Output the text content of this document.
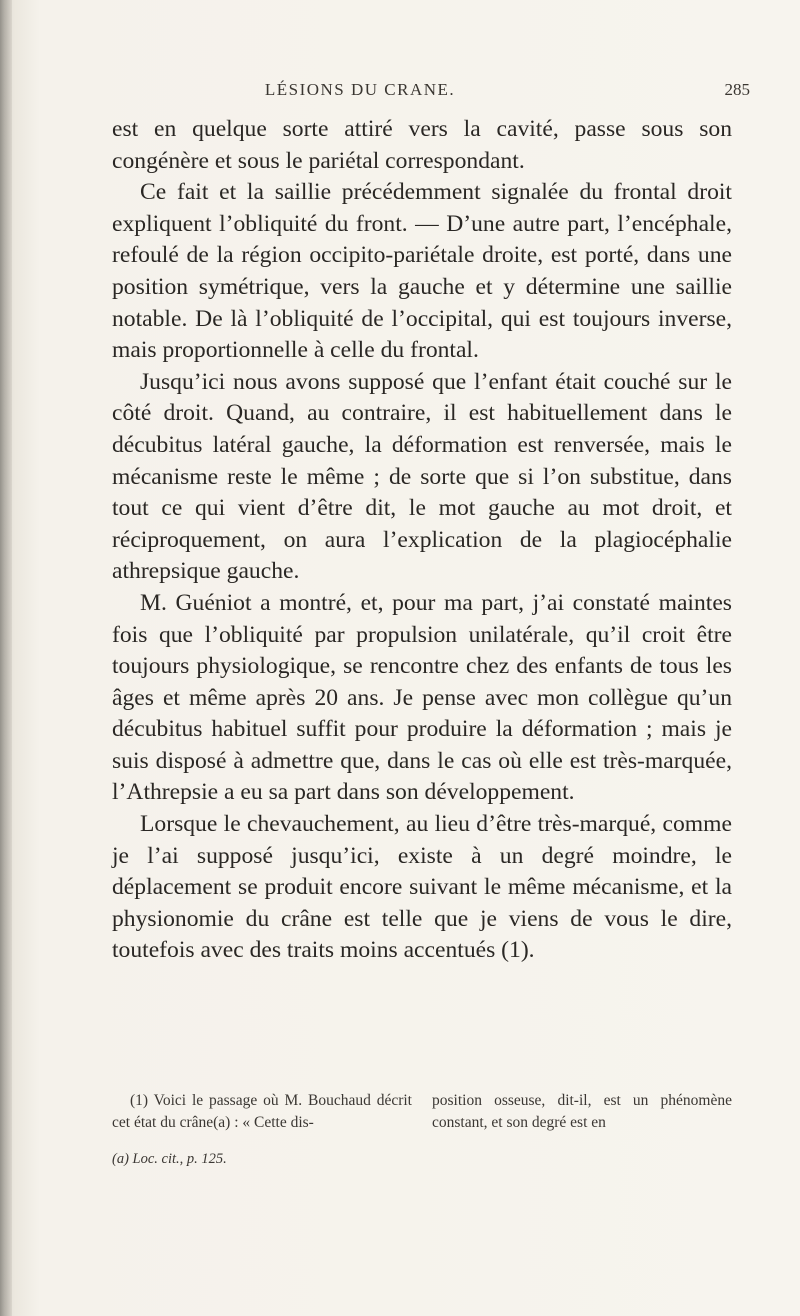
LÉSIONS DU CRANE.	285

est en quelque sorte attiré vers la cavité, passe sous son congénère et sous le pariétal correspondant.

Ce fait et la saillie précédemment signalée du frontal droit expliquent l’obliquité du front. — D’une autre part, l’encéphale, refoulé de la région occipito-pariétale droite, est porté, dans une position symétrique, vers la gauche et y détermine une saillie notable. De là l’obliquité de l’occipital, qui est toujours inverse, mais proportionnelle à celle du frontal.

Jusqu’ici nous avons supposé que l’enfant était couché sur le côté droit. Quand, au contraire, il est habituellement dans le décubitus latéral gauche, la déformation est renversée, mais le mécanisme reste le même ; de sorte que si l’on substitue, dans tout ce qui vient d’être dit, le mot gauche au mot droit, et réciproquement, on aura l’explication de la plagiocéphalie athrepsique gauche.

M. Guéniot a montré, et, pour ma part, j’ai constaté maintes fois que l’obliquité par propulsion unilatérale, qu’il croit être toujours physiologique, se rencontre chez des enfants de tous les âges et même après 20 ans. Je pense avec mon collègue qu’un décubitus habituel suffit pour produire la déformation ; mais je suis disposé à admettre que, dans le cas où elle est très-marquée, l’Athrepsie a eu sa part dans son développement.

Lorsque le chevauchement, au lieu d’être très-marqué, comme je l’ai supposé jusqu’ici, existe à un degré moindre, le déplacement se produit encore suivant le même mécanisme, et la physionomie du crâne est telle que je viens de vous le dire, toutefois avec des traits moins accentués (1).

(1) Voici le passage où M. Bouchaud décrit cet état du crâne(a) : « Cette dis-
position osseuse, dit-il, est un phénomène constant, et son degré est en
(a) Loc. cit., p. 125.
